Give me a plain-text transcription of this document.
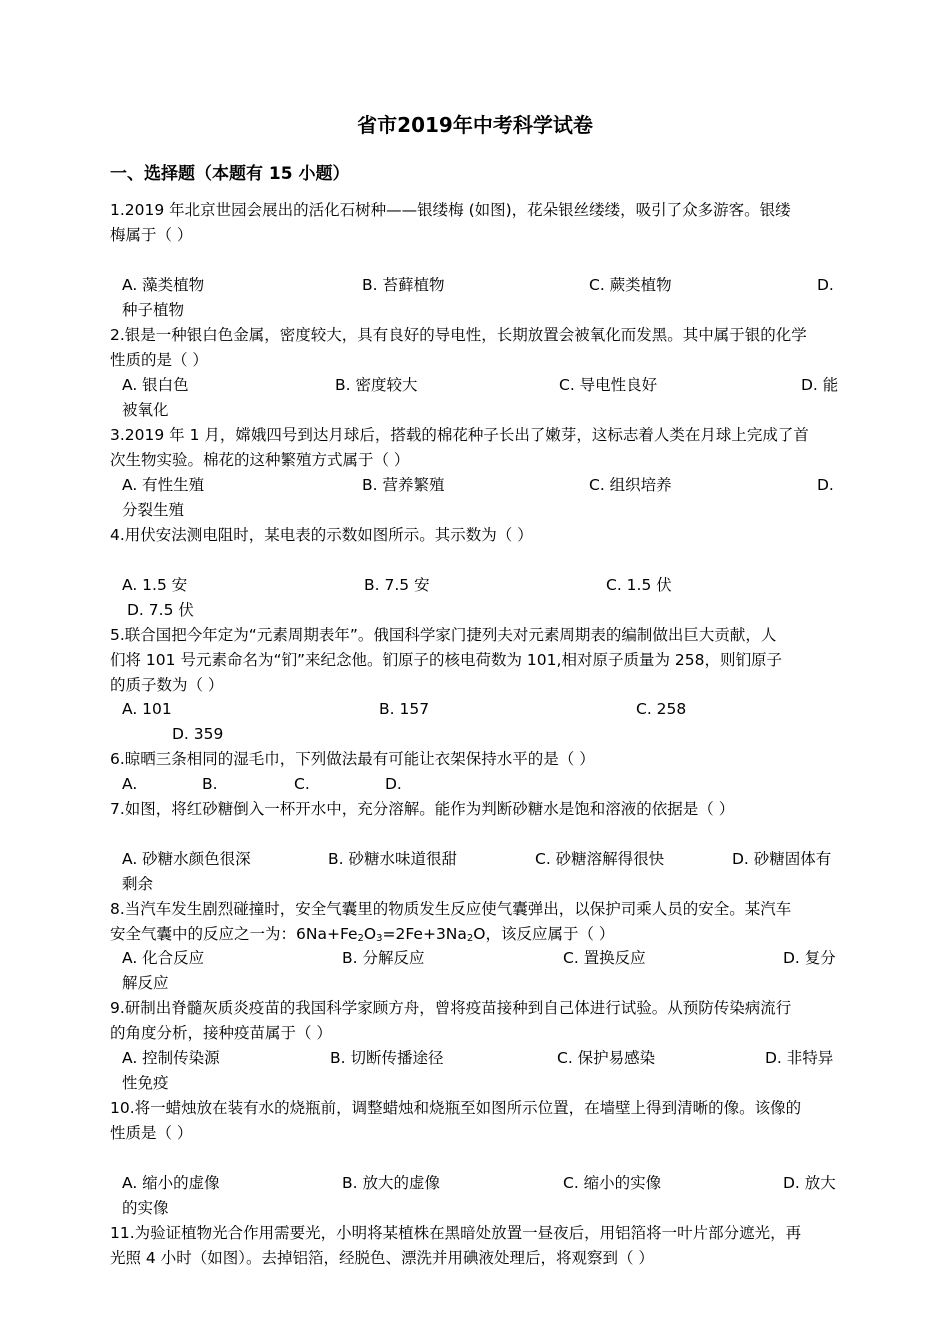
省市2019年中考科学试卷
一、选择题（本题有 15 小题）
1.2019 年北京世园会展出的活化石树种——银缕梅 (如图)，花朵银丝缕缕，吸引了众多游客。银缕
梅属于（ ）
A. 藻类植物	B. 苔藓植物	C. 蕨类植物	D.
种子植物
2.银是一种银白色金属，密度较大，具有良好的导电性，长期放置会被氧化而发黑。其中属于银的化学
性质的是（ ）
A. 银白色	B. 密度较大	C. 导电性良好	D. 能
被氧化
3.2019 年 1 月，嫦娥四号到达月球后，搭载的棉花种子长出了嫩芽，这标志着人类在月球上完成了首
次生物实验。棉花的这种繁殖方式属于（ ）
A. 有性生殖	B. 营养繁殖	C. 组织培养	D.
分裂生殖
4.用伏安法测电阻时，某电表的示数如图所示。其示数为（ ）
A. 1.5 安	B. 7.5 安	C. 1.5 伏
D. 7.5 伏
5.联合国把今年定为“元素周期表年”。俄国科学家门捷列夫对元素周期表的编制做出巨大贡献，人
们将 101 号元素命名为“钔”来纪念他。钔原子的核电荷数为 101,相对原子质量为 258，则钔原子
的质子数为（ ）
A. 101	B. 157	C. 258
D. 359
6.晾晒三条相同的湿毛巾，下列做法最有可能让衣架保持水平的是（ ）
A.	B.	C.	D.
7.如图，将红砂糖倒入一杯开水中，充分溶解。能作为判断砂糖水是饱和溶液的依据是（ ）
A. 砂糖水颜色很深	B. 砂糖水味道很甜	C. 砂糖溶解得很快	D. 砂糖固体有
剩余
8.当汽车发生剧烈碰撞时，安全气囊里的物质发生反应使气囊弹出，以保护司乘人员的安全。某汽车
安全气囊中的反应之一为：$6Na+Fe_2O_3=2Fe+3Na_2O$，该反应属于（ ）
A. 化合反应	B. 分解反应	C. 置换反应	D. 复分
解反应
9.研制出脊髓灰质炎疫苗的我国科学家顾方舟，曾将疫苗接种到自己体进行试验。从预防传染病流行
的角度分析，接种疫苗属于（ ）
A. 控制传染源	B. 切断传播途径	C. 保护易感染	D. 非特异
性免疫
10.将一蜡烛放在装有水的烧瓶前，调整蜡烛和烧瓶至如图所示位置，在墙壁上得到清晰的像。该像的
性质是（ ）
A. 缩小的虚像	B. 放大的虚像	C. 缩小的实像	D. 放大
的实像
11.为验证植物光合作用需要光，小明将某植株在黑暗处放置一昼夜后，用铝箔将一叶片部分遮光，再
光照 4 小时（如图）。去掉铝箔，经脱色、漂洗并用碘液处理后，将观察到（ ）
